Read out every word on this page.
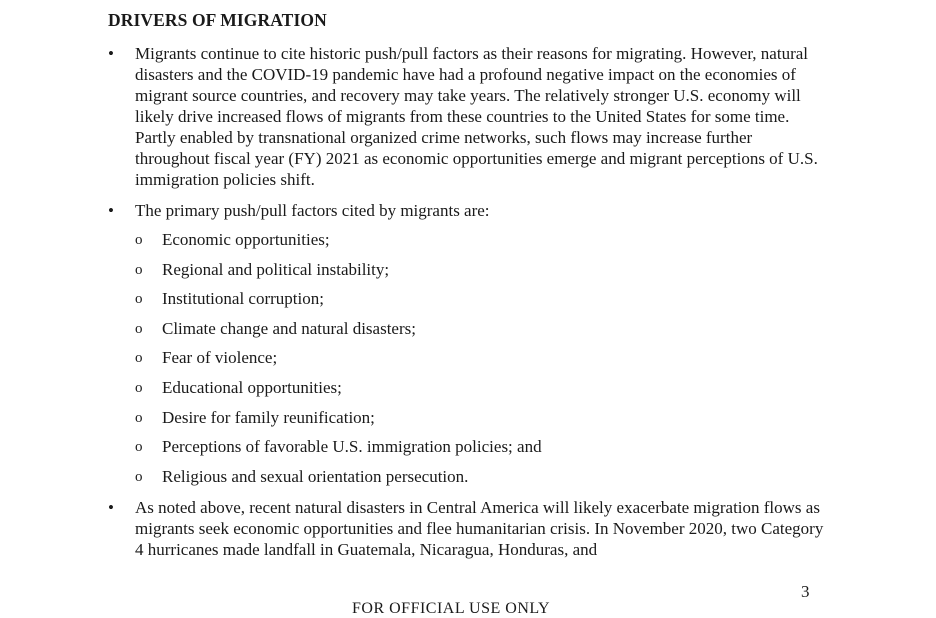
DRIVERS OF MIGRATION
• Migrants continue to cite historic push/pull factors as their reasons for migrating. However, natural disasters and the COVID-19 pandemic have had a profound negative impact on the economies of migrant source countries, and recovery may take years. The relatively stronger U.S. economy will likely drive increased flows of migrants from these countries to the United States for some time. Partly enabled by transnational organized crime networks, such flows may increase further throughout fiscal year (FY) 2021 as economic opportunities emerge and migrant perceptions of U.S. immigration policies shift.
• The primary push/pull factors cited by migrants are:
o Economic opportunities;
o Regional and political instability;
o Institutional corruption;
o Climate change and natural disasters;
o Fear of violence;
o Educational opportunities;
o Desire for family reunification;
o Perceptions of favorable U.S. immigration policies; and
o Religious and sexual orientation persecution.
• As noted above, recent natural disasters in Central America will likely exacerbate migration flows as migrants seek economic opportunities and flee humanitarian crisis. In November 2020, two Category 4 hurricanes made landfall in Guatemala, Nicaragua, Honduras, and
3
FOR OFFICIAL USE ONLY
